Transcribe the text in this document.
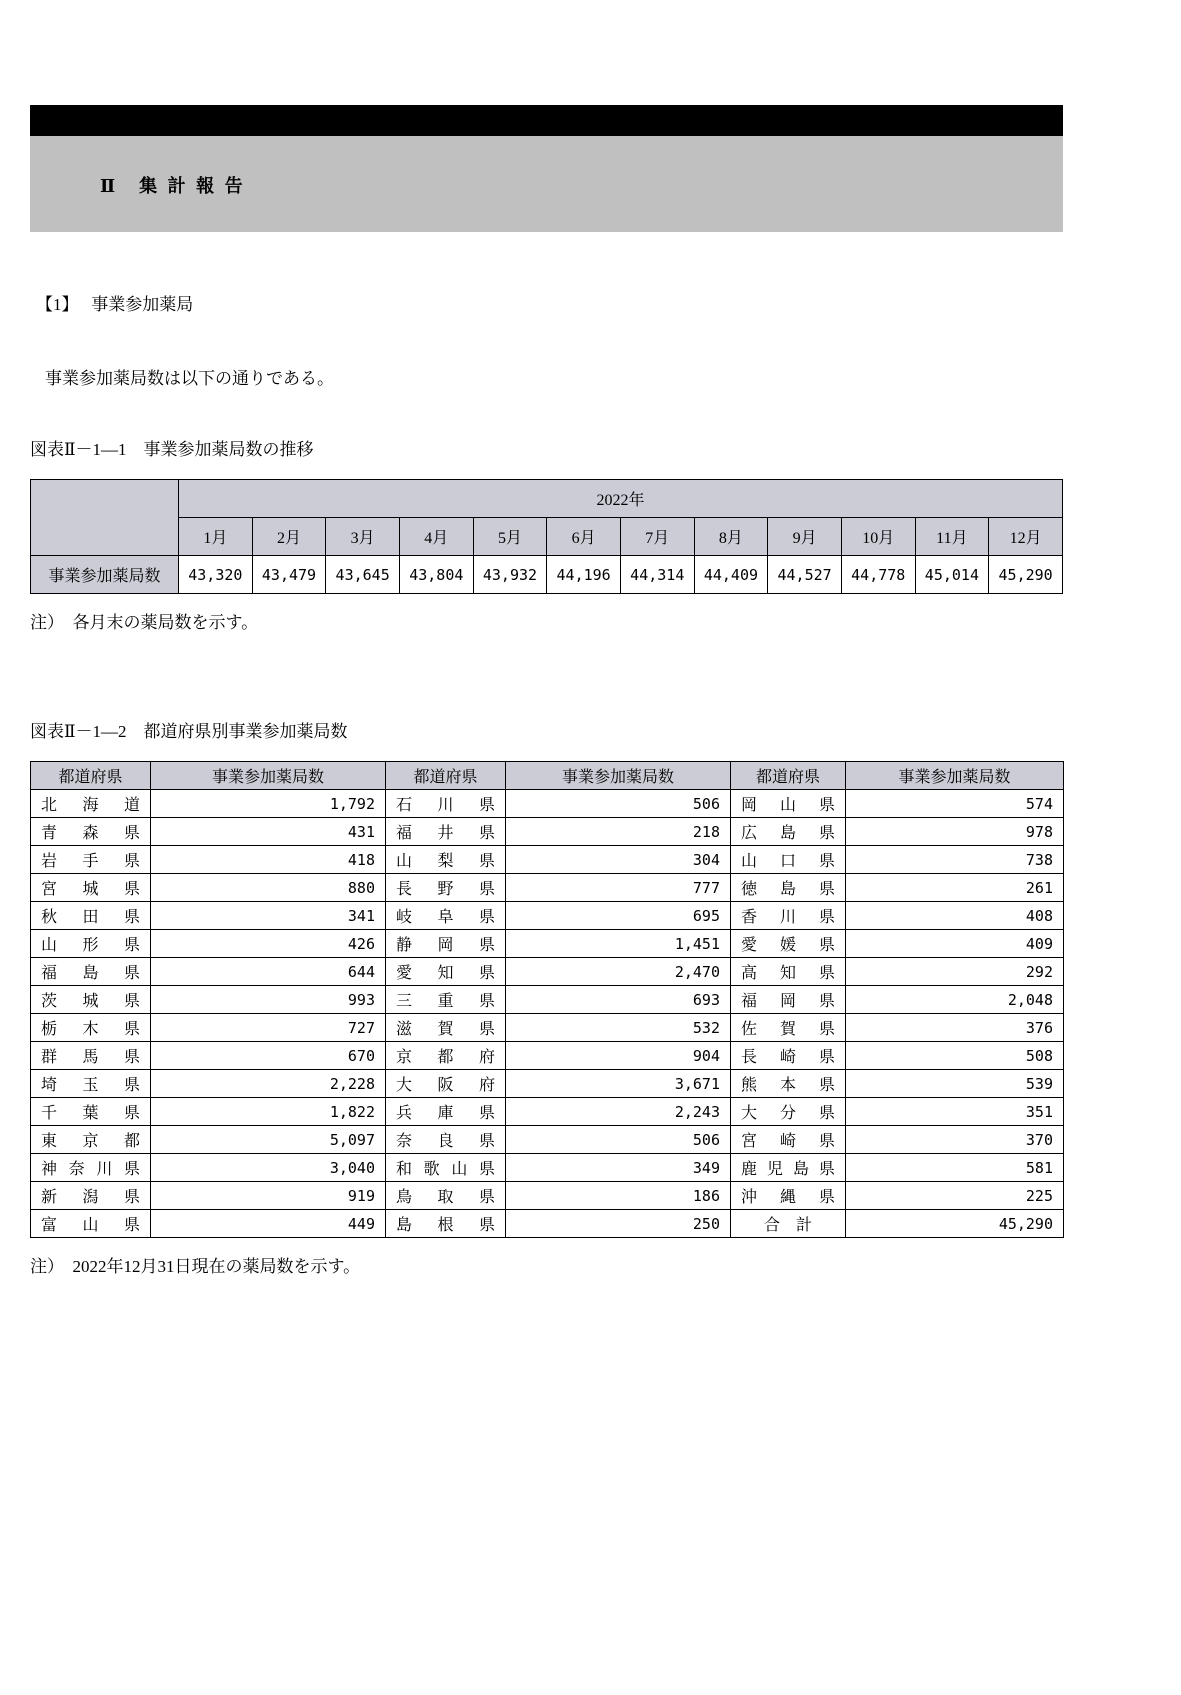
Ⅱ　集 計 報 告
【1】　 事業参加薬局
事業参加薬局数は以下の通りである。
図表Ⅱ－1―1　事業参加薬局数の推移
	2022年											
	1月	2月	3月	4月	5月	6月	7月	8月	9月	10月	11月	12月
事業参加薬局数	43,320	43,479	43,645	43,804	43,932	44,196	44,314	44,409	44,527	44,778	45,014	45,290
注）　各月末の薬局数を示す。
図表Ⅱ－1―2　都道府県別事業参加薬局数
都道府県	事業参加薬局数	都道府県	事業参加薬局数	都道府県	事業参加薬局数
北海道	1,792	石川県	506	岡山県	574
青森県	431	福井県	218	広島県	978
岩手県	418	山梨県	304	山口県	738
宮城県	880	長野県	777	徳島県	261
秋田県	341	岐阜県	695	香川県	408
山形県	426	静岡県	1,451	愛媛県	409
福島県	644	愛知県	2,470	高知県	292
茨城県	993	三重県	693	福岡県	2,048
栃木県	727	滋賀県	532	佐賀県	376
群馬県	670	京都府	904	長崎県	508
埼玉県	2,228	大阪府	3,671	熊本県	539
千葉県	1,822	兵庫県	2,243	大分県	351
東京都	5,097	奈良県	506	宮崎県	370
神奈川県	3,040	和歌山県	349	鹿児島県	581
新潟県	919	鳥取県	186	沖縄県	225
富山県	449	島根県	250	合　計	45,290
注）　2022年12月31日現在の薬局数を示す。
